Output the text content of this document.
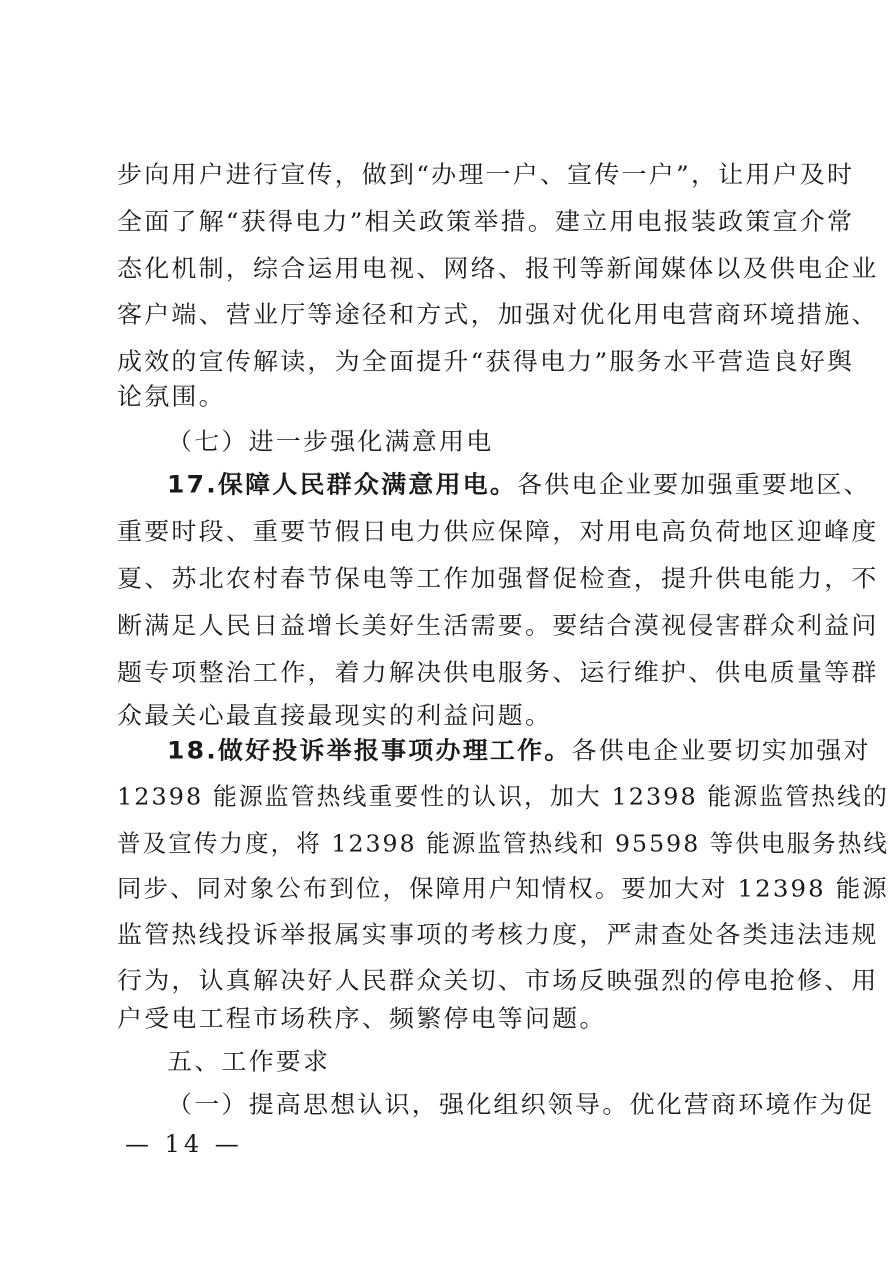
步向用户进行宣传，做到“办理一户、宣传一户”，让用户及时
全面了解“获得电力”相关政策举措。建立用电报装政策宣介常
态化机制，综合运用电视、网络、报刊等新闻媒体以及供电企业
客户端、营业厅等途径和方式，加强对优化用电营商环境措施、
成效的宣传解读，为全面提升“获得电力”服务水平营造良好舆
论氛围。
（七）进一步强化满意用电
17.保障人民群众满意用电。各供电企业要加强重要地区、
重要时段、重要节假日电力供应保障，对用电高负荷地区迎峰度
夏、苏北农村春节保电等工作加强督促检查，提升供电能力，不
断满足人民日益增长美好生活需要。要结合漠视侵害群众利益问
题专项整治工作，着力解决供电服务、运行维护、供电质量等群
众最关心最直接最现实的利益问题。
18.做好投诉举报事项办理工作。各供电企业要切实加强对
12398 能源监管热线重要性的认识，加大 12398 能源监管热线的
普及宣传力度，将 12398 能源监管热线和 95598 等供电服务热线
同步、同对象公布到位，保障用户知情权。要加大对 12398 能源
监管热线投诉举报属实事项的考核力度，严肃查处各类违法违规
行为，认真解决好人民群众关切、市场反映强烈的停电抢修、用
户受电工程市场秩序、频繁停电等问题。
五、工作要求
（一）提高思想认识，强化组织领导。优化营商环境作为促
— 14 —
